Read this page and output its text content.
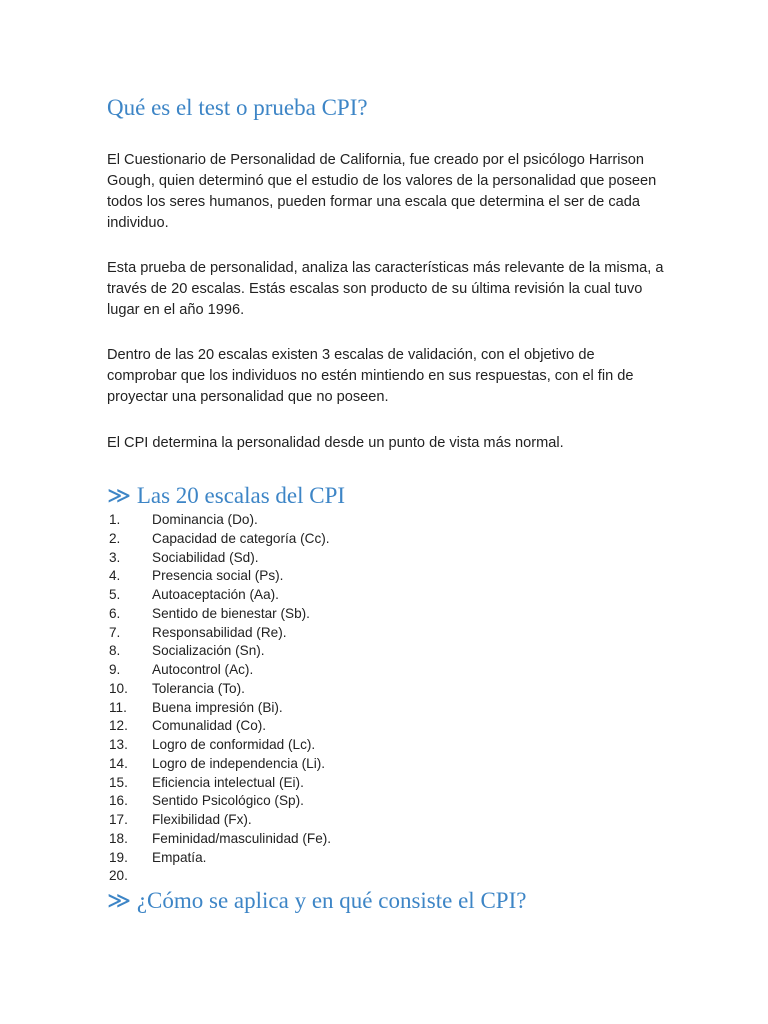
Qué es el test o prueba CPI?

El Cuestionario de Personalidad de California, fue creado por el psicólogo Harrison Gough, quien determinó que el estudio de los valores de la personalidad que poseen todos los seres humanos, pueden formar una escala que determina el ser de cada individuo.

Esta prueba de personalidad, analiza las características más relevante de la misma, a través de 20 escalas. Estás escalas son producto de su última revisión la cual tuvo lugar en el año 1996.

Dentro de las 20 escalas existen 3 escalas de validación, con el objetivo de comprobar que los individuos no estén mintiendo en sus respuestas, con el fin de proyectar una personalidad que no poseen.

El CPI determina la personalidad desde un punto de vista más normal.

≫ Las 20 escalas del CPI
1. Dominancia (Do).
2. Capacidad de categoría (Cc).
3. Sociabilidad (Sd).
4. Presencia social (Ps).
5. Autoaceptación (Aa).
6. Sentido de bienestar (Sb).
7. Responsabilidad (Re).
8. Socialización (Sn).
9. Autocontrol (Ac).
10. Tolerancia (To).
11. Buena impresión (Bi).
12. Comunalidad (Co).
13. Logro de conformidad (Lc).
14. Logro de independencia (Li).
15. Eficiencia intelectual (Ei).
16. Sentido Psicológico (Sp).
17. Flexibilidad (Fx).
18. Feminidad/masculinidad (Fe).
19. Empatía.
20.
≫ ¿Cómo se aplica y en qué consiste el CPI?
